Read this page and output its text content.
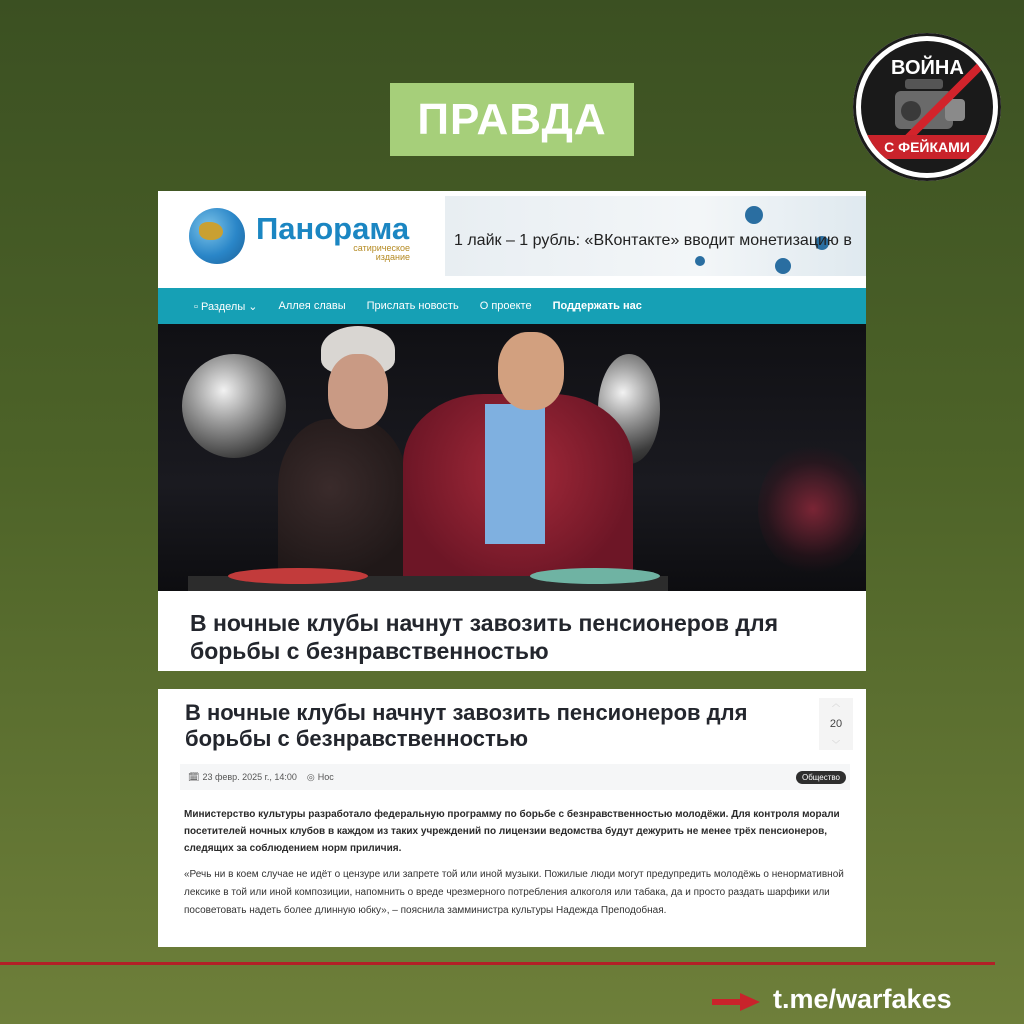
ПРАВДА
ВОЙНА
С ФЕЙКАМИ
Панорама
сатирическое издание
1 лайк – 1 рубль: «ВКонтакте» вводит монетизацию в
▫ Разделы ⌄ Аллея славы Прислать новость О проекте Поддержать нас
В ночные клубы начнут завозить пенсионеров для борьбы с безнравственностью
В ночные клубы начнут завозить пенсионеров для борьбы с безнравственностью
︿
20
﹀
🗓 23 февр. 2025 г., 14:00 ◎ Нос	Общество
Министерство культуры разработало федеральную программу по борьбе с безнравственностью молодёжи. Для контроля морали посетителей ночных клубов в каждом из таких учреждений по лицензии ведомства будут дежурить не менее трёх пенсионеров, следящих за соблюдением норм приличия.
«Речь ни в коем случае не идёт о цензуре или запрете той или иной музыки. Пожилые люди могут предупредить молодёжь о ненормативной лексике в той или иной композиции, напомнить о вреде чрезмерного потребления алкоголя или табака, да и просто раздать шарфики или посоветовать надеть более длинную юбку», – пояснила замминистра культуры Надежда Преподобная.
t.me/warfakes
